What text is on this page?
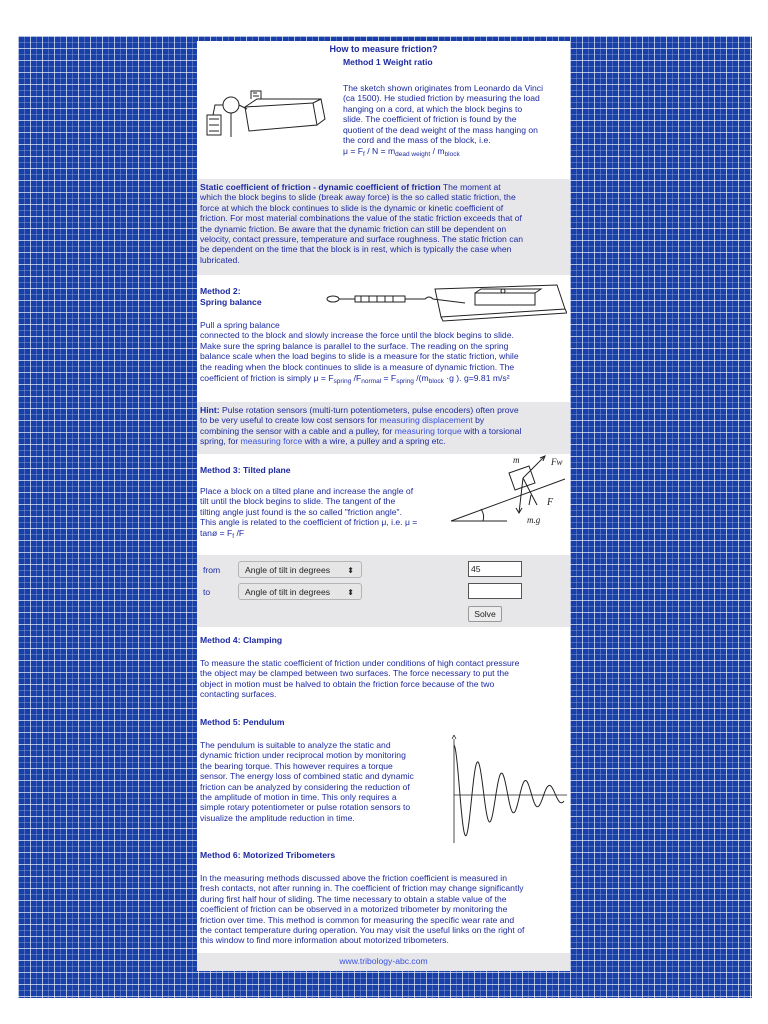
How to measure friction?
Method 1 Weight ratio
The sketch shown originates from Leonardo da Vinci
(ca 1500). He studied friction by measuring the load
hanging on a cord, at which the block begins to
slide. The coefficient of friction is found by the
quotient of the dead weight of the mass hanging on
the cord and the mass of the block, i.e.
$\mu = F_f / N = m_{dead weight} / m_{block}$
Static coefficient of friction - dynamic coefficient of friction The moment at
which the block begins to slide (break away force) is the so called static friction, the
force at which the block continues to slide is the dynamic or kinetic coefficient of
friction. For most material combinations the value of the static friction exceeds that of
the dynamic friction. Be aware that the dynamic friction can still be dependent on
velocity, contact pressure, temperature and surface roughness. The static friction can
be dependent on the time that the block is in rest, which is typically the case when
lubricated.
Method 2:
Spring balance
Pull a spring balance
connected to the block and slowly increase the force until the block begins to slide.
Make sure the spring balance is parallel to the surface. The reading on the spring
balance scale when the load begins to slide is a measure for the static friction, while
the reading when the block continues to slide is a measure of dynamic friction. The
coefficient of friction is simply $\mu = F_{spring}$ $/F_{normal} = F_{spring}$ $/(m_{block} \cdot g$ ). g=9.81 m/s²
Hint: Pulse rotation sensors (multi-turn potentiometers, pulse encoders) often prove
to be very useful to create low cost sensors for measuring displacement by
combining the sensor with a cable and a pulley, for measuring torque with a torsional
spring, for measuring force with a wire, a pulley and a spring etc.
Method 3: Tilted plane
Place a block on a tilted plane and increase the angle of
tilt until the block begins to slide. The tangent of the
tilting angle just found is the so called "friction angle".
This angle is related to the coefficient of friction μ, i.e. μ =
tanø = $F_f$ /F
m	Fw
F
m.g
from
to
Angle of tilt in degrees ⬍
Angle of tilt in degrees ⬍
45
Solve
Method 4: Clamping
To measure the static coefficient of friction under conditions of high contact pressure
the object may be clamped between two surfaces. The force necessary to put the
object in motion must be halved to obtain the friction force because of the two
contacting surfaces.
Method 5: Pendulum
The pendulum is suitable to analyze the static and
dynamic friction under reciprocal motion by monitoring
the bearing torque. This however requires a torque
sensor. The energy loss of combined static and dynamic
friction can be analyzed by considering the reduction of
the amplitude of motion in time. This only requires a
simple rotary potentiometer or pulse rotation sensors to
visualize the amplitude reduction in time.
Method 6: Motorized Tribometers
In the measuring methods discussed above the friction coefficient is measured in
fresh contacts, not after running in. The coefficient of friction may change significantly
during first half hour of sliding. The time necessary to obtain a stable value of the
coefficient of friction can be observed in a motorized tribometer by monitoring the
friction over time. This method is common for measuring the specific wear rate and
the contact temperature during operation. You may visit the useful links on the right of
this window to find more information about motorized tribometers.
www.tribology-abc.com
